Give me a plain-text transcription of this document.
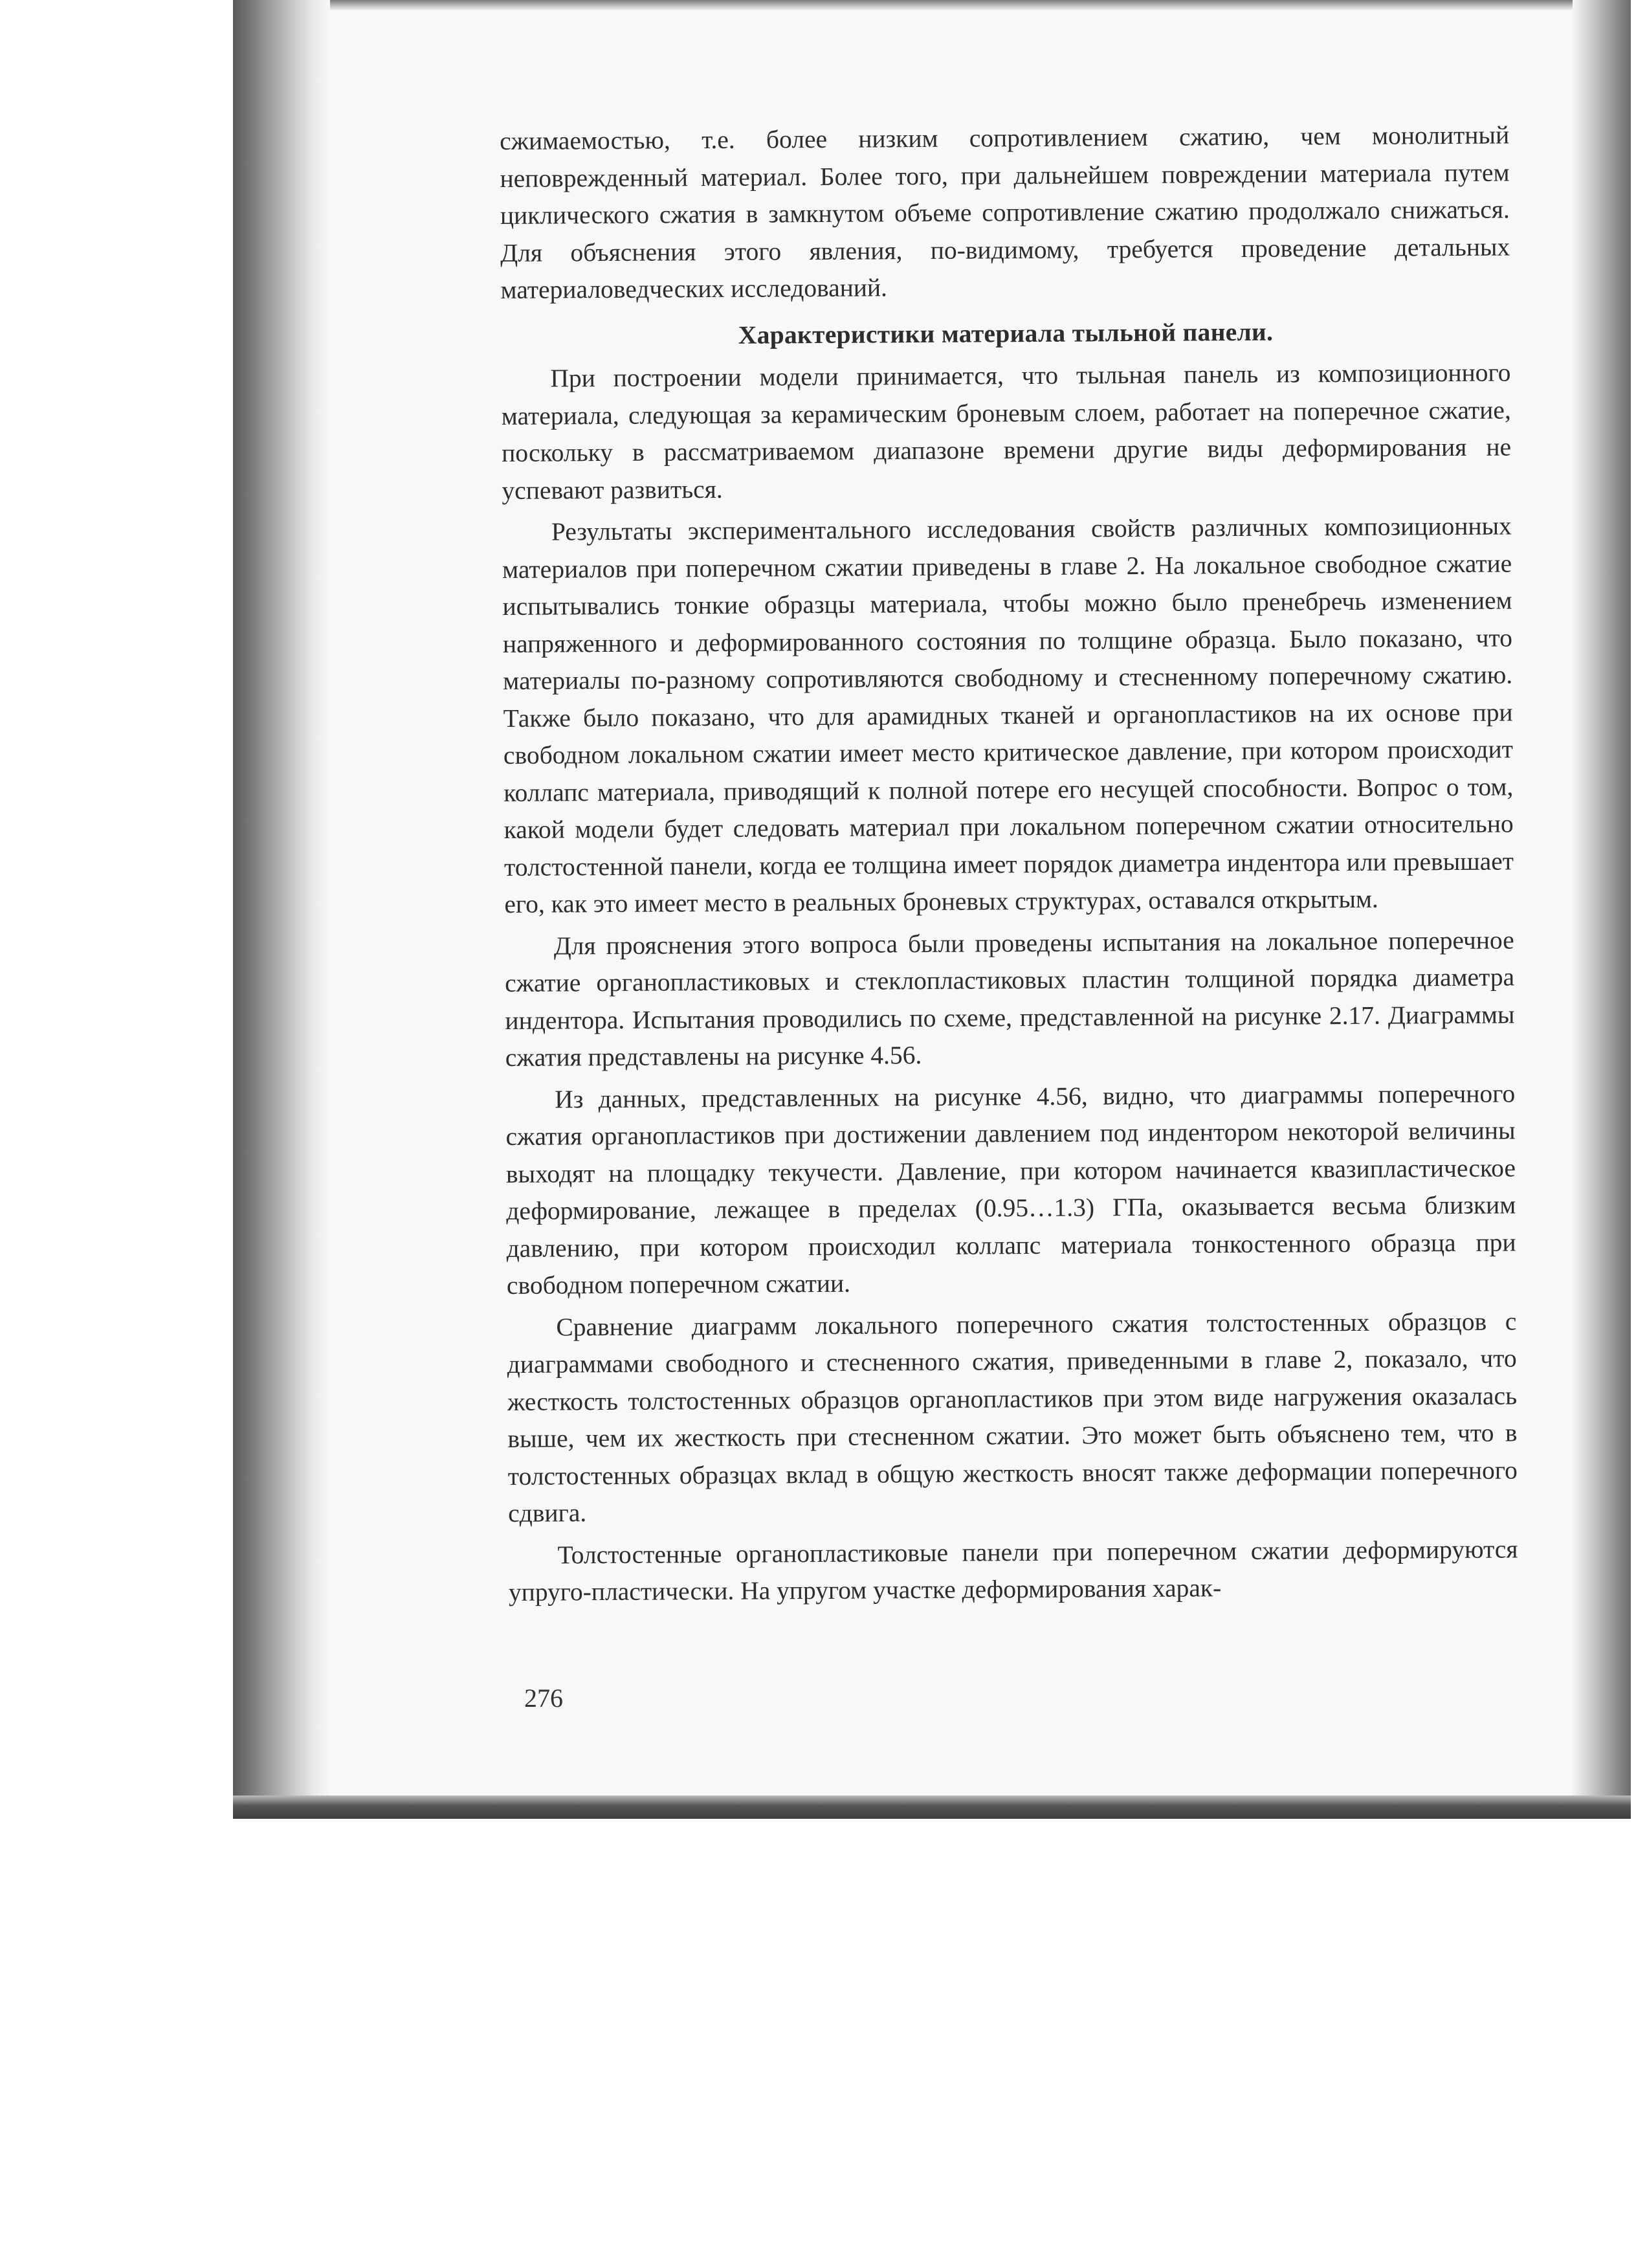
сжимаемостью, т.е. более низким сопротивлением сжатию, чем монолитный неповрежденный материал. Более того, при дальнейшем повреждении материала путем циклического сжатия в замкнутом объеме сопротивление сжатию продолжало снижаться. Для объяснения этого явления, по-видимому, требуется проведение детальных материаловедческих исследований.

Характеристики материала тыльной панели.

При построении модели принимается, что тыльная панель из композиционного материала, следующая за керамическим броневым слоем, работает на поперечное сжатие, поскольку в рассматриваемом диапазоне времени другие виды деформирования не успевают развиться.

Результаты экспериментального исследования свойств различных композиционных материалов при поперечном сжатии приведены в главе 2. На локальное свободное сжатие испытывались тонкие образцы материала, чтобы можно было пренебречь изменением напряженного и деформированного состояния по толщине образца. Было показано, что материалы по-разному сопротивляются свободному и стесненному поперечному сжатию. Также было показано, что для арамидных тканей и органопластиков на их основе при свободном локальном сжатии имеет место критическое давление, при котором происходит коллапс материала, приводящий к полной потере его несущей способности. Вопрос о том, какой модели будет следовать материал при локальном поперечном сжатии относительно толстостенной панели, когда ее толщина имеет порядок диаметра индентора или превышает его, как это имеет место в реальных броневых структурах, оставался открытым.

Для прояснения этого вопроса были проведены испытания на локальное поперечное сжатие органопластиковых и стеклопластиковых пластин толщиной порядка диаметра индентора. Испытания проводились по схеме, представленной на рисунке 2.17. Диаграммы сжатия представлены на рисунке 4.56.

Из данных, представленных на рисунке 4.56, видно, что диаграммы поперечного сжатия органопластиков при достижении давлением под индентором некоторой величины выходят на площадку текучести. Давление, при котором начинается квазипластическое деформирование, лежащее в пределах (0.95…1.3) ГПа, оказывается весьма близким давлению, при котором происходил коллапс материала тонкостенного образца при свободном поперечном сжатии.

Сравнение диаграмм локального поперечного сжатия толстостенных образцов с диаграммами свободного и стесненного сжатия, приведенными в главе 2, показало, что жесткость толстостенных образцов органопластиков при этом виде нагружения оказалась выше, чем их жесткость при стесненном сжатии. Это может быть объяснено тем, что в толстостенных образцах вклад в общую жесткость вносят также деформации поперечного сдвига.

Толстостенные органопластиковые панели при поперечном сжатии деформируются упруго-пластически. На упругом участке деформирования харак-

276
